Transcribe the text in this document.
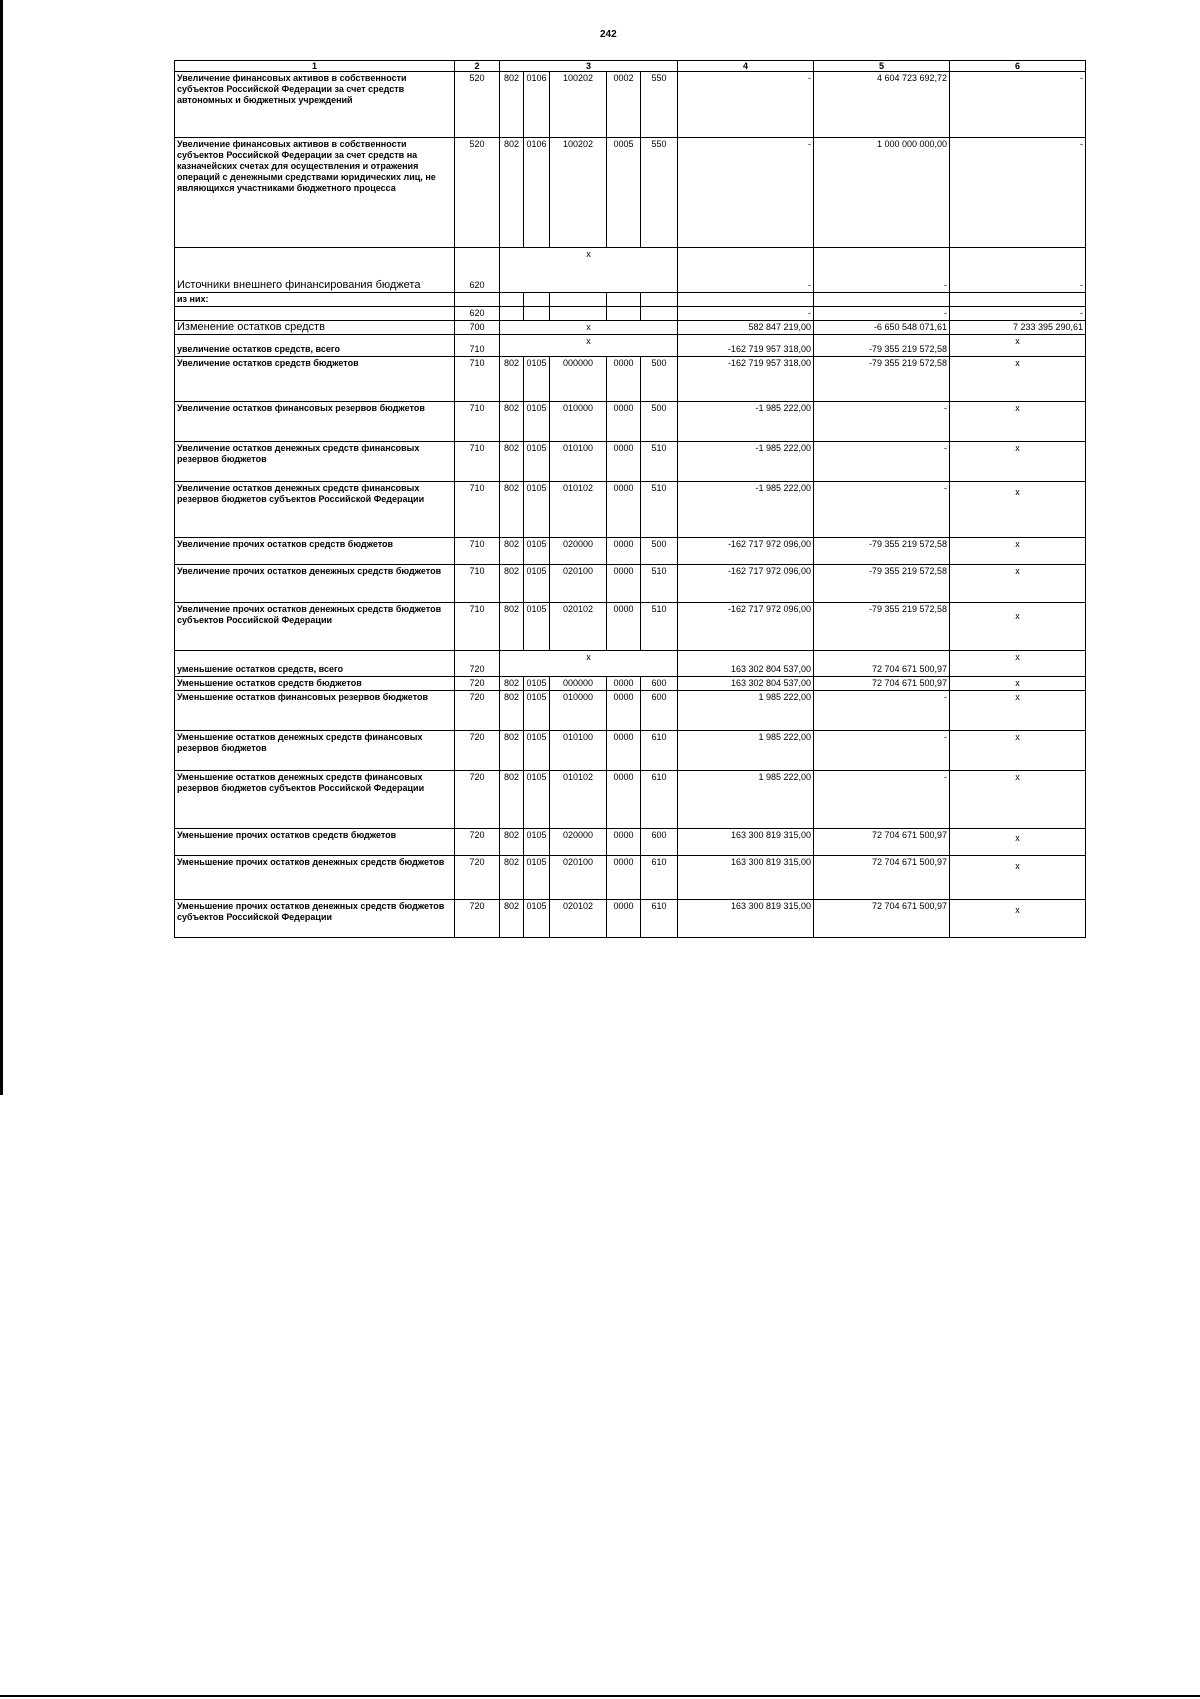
242
1	2	3					4	5	6
Увеличение финансовых активов в собственности субъектов Российской Федерации за счет средств автономных и бюджетных учреждений	520	802	0106	100202	0002	550	-	4 604 723 692,72	-
Увеличение финансовых активов в собственности субъектов Российской Федерации за счет средств на казначейских счетах для осуществления и отражения операций с денежными средствами юридических лиц, не являющихся участниками бюджетного процесса	520	802	0106	100202	0005	550	-	1 000 000 000,00	-
Источники внешнего финансирования бюджета	620	x					-	-	-
из них:									
	620						-	-	-
Изменение остатков средств	700	x					582 847 219,00	-6 650 548 071,61	7 233 395 290,61
увеличение остатков средств, всего	710	x					-162 719 957 318,00	-79 355 219 572,58	x
Увеличение остатков средств бюджетов	710	802	0105	000000	0000	500	-162 719 957 318,00	-79 355 219 572,58	x
Увеличение остатков финансовых резервов бюджетов	710	802	0105	010000	0000	500	-1 985 222,00	-	x
Увеличение остатков денежных средств финансовых резервов бюджетов	710	802	0105	010100	0000	510	-1 985 222,00	-	x
Увеличение остатков денежных средств финансовых резервов бюджетов субъектов Российской Федерации	710	802	0105	010102	0000	510	-1 985 222,00	-	x
Увеличение прочих остатков средств бюджетов	710	802	0105	020000	0000	500	-162 717 972 096,00	-79 355 219 572,58	x
Увеличение прочих остатков денежных средств бюджетов	710	802	0105	020100	0000	510	-162 717 972 096,00	-79 355 219 572,58	x
Увеличение прочих остатков денежных средств бюджетов субъектов Российской Федерации	710	802	0105	020102	0000	510	-162 717 972 096,00	-79 355 219 572,58	x
уменьшение остатков средств, всего	720	x					163 302 804 537,00	72 704 671 500,97	x
Уменьшение остатков средств бюджетов	720	802	0105	000000	0000	600	163 302 804 537,00	72 704 671 500,97	x
Уменьшение остатков финансовых резервов бюджетов	720	802	0105	010000	0000	600	1 985 222,00	-	x
Уменьшение остатков денежных средств финансовых резервов бюджетов	720	802	0105	010100	0000	610	1 985 222,00	-	x
Уменьшение остатков денежных средств финансовых резервов бюджетов субъектов Российской Федерации	720	802	0105	010102	0000	610	1 985 222,00	-	x
Уменьшение прочих остатков средств бюджетов	720	802	0105	020000	0000	600	163 300 819 315,00	72 704 671 500,97	x
Уменьшение прочих остатков денежных средств бюджетов	720	802	0105	020100	0000	610	163 300 819 315,00	72 704 671 500,97	x
Уменьшение прочих остатков денежных средств бюджетов субъектов Российской Федерации	720	802	0105	020102	0000	610	163 300 819 315,00	72 704 671 500,97	x
